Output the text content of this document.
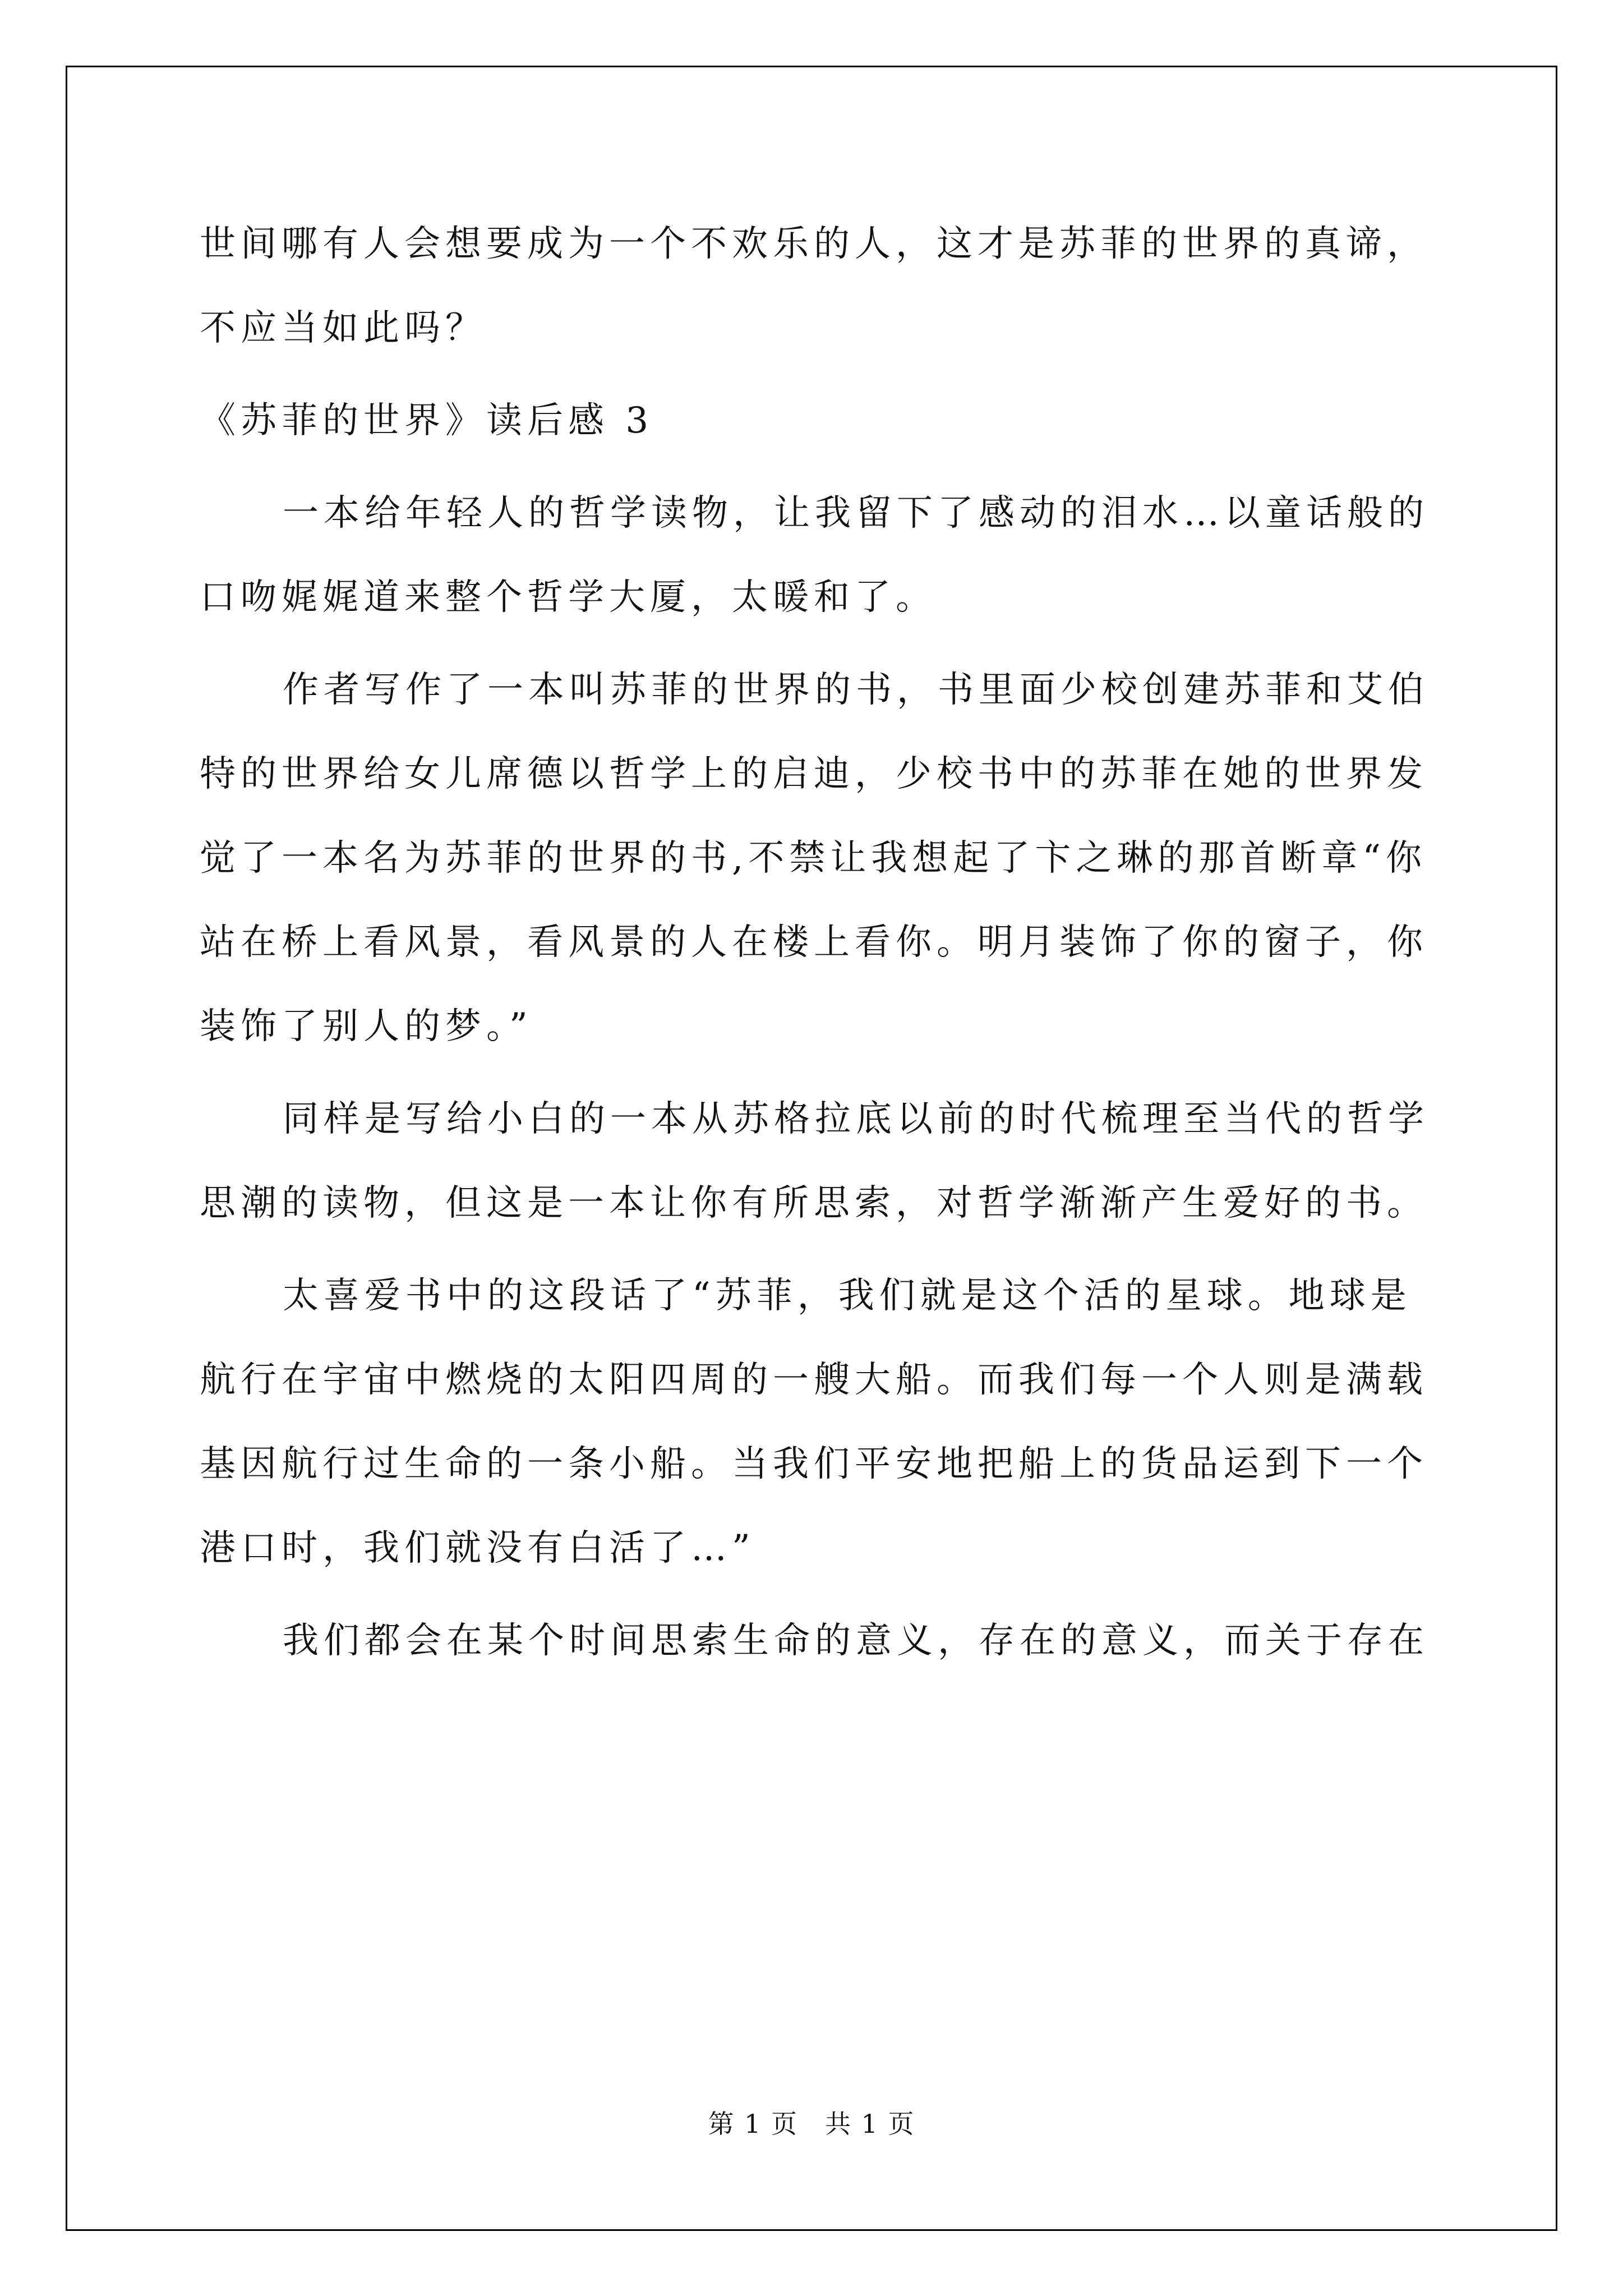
世间哪有人会想要成为一个不欢乐的人，这才是苏菲的世界的真谛，
不应当如此吗？
《苏菲的世界》读后感 3
一本给年轻人的哲学读物，让我留下了感动的泪水…以童话般的
口吻娓娓道来整个哲学大厦，太暖和了。
作者写作了一本叫苏菲的世界的书，书里面少校创建苏菲和艾伯
特的世界给女儿席德以哲学上的启迪，少校书中的苏菲在她的世界发
觉了一本名为苏菲的世界的书,不禁让我想起了卞之琳的那首断章“你
站在桥上看风景，看风景的人在楼上看你。明月装饰了你的窗子，你
装饰了别人的梦。”
同样是写给小白的一本从苏格拉底以前的时代梳理至当代的哲学
思潮的读物，但这是一本让你有所思索，对哲学渐渐产生爱好的书。
太喜爱书中的这段话了“苏菲，我们就是这个活的星球。地球是
航行在宇宙中燃烧的太阳四周的一艘大船。而我们每一个人则是满载
基因航行过生命的一条小船。当我们平安地把船上的货品运到下一个
港口时，我们就没有白活了…”
我们都会在某个时间思索生命的意义，存在的意义，而关于存在
第 1 页　共 1 页
